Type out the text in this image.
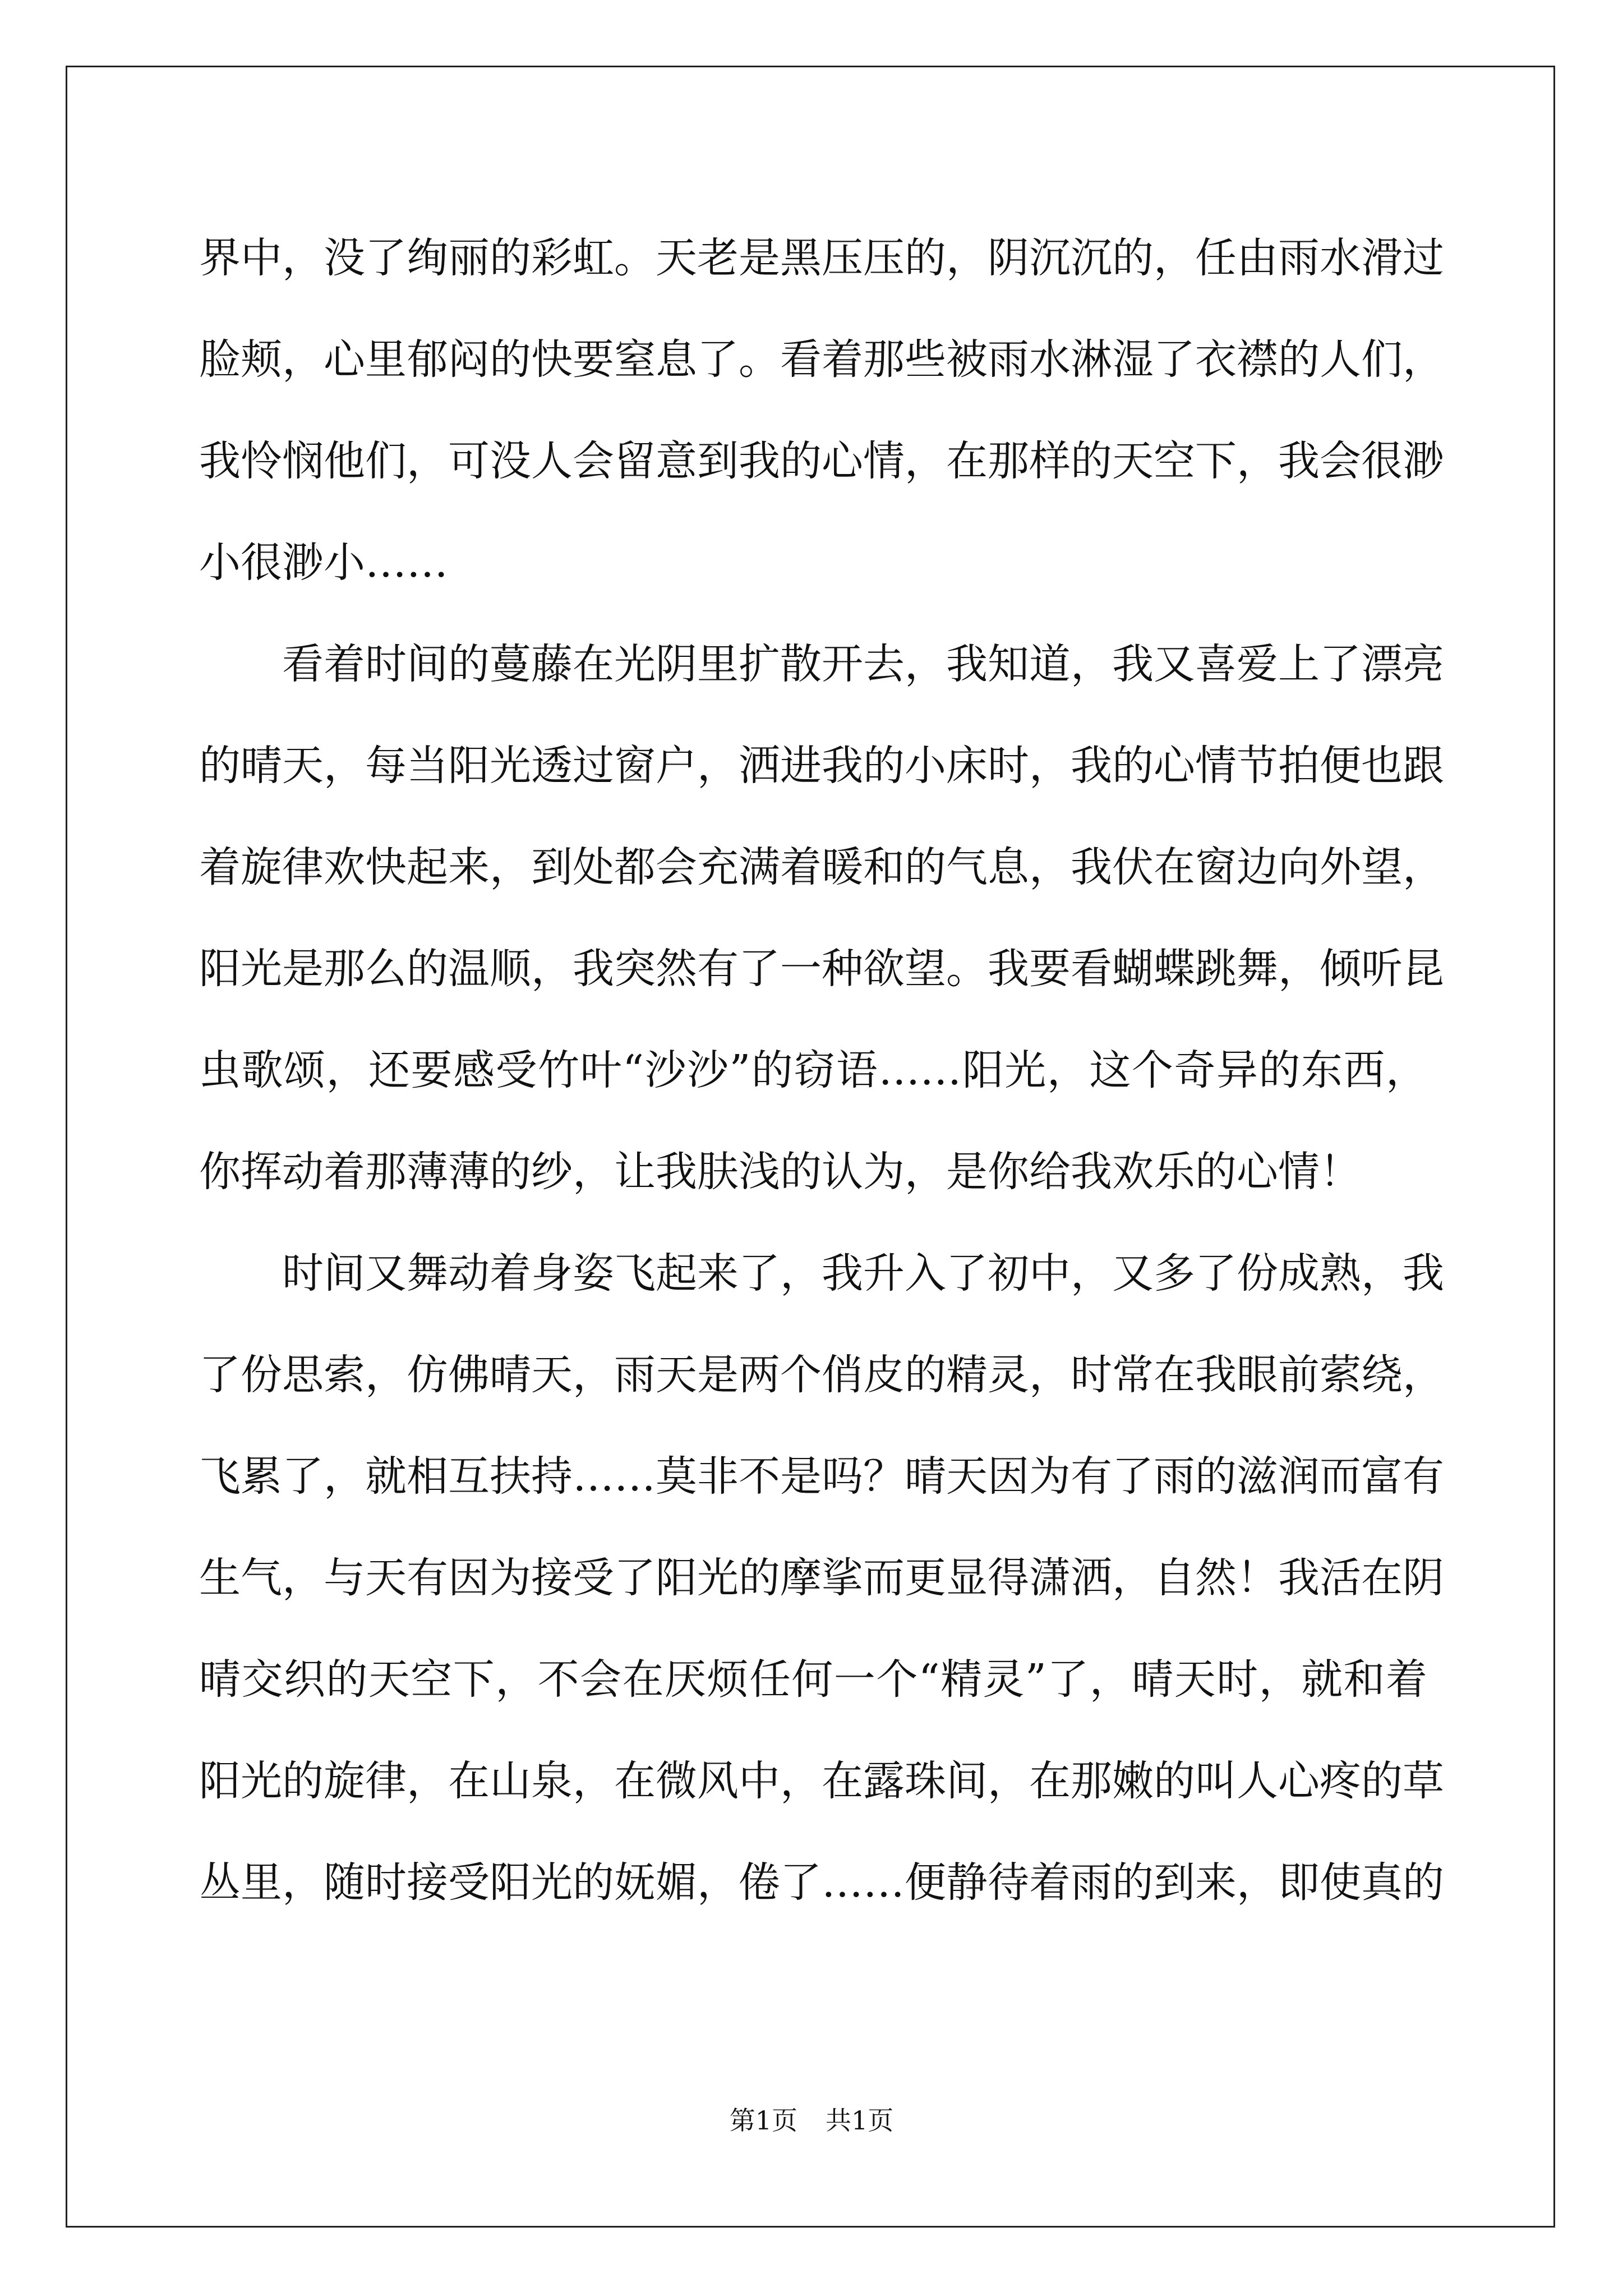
界中，没了绚丽的彩虹。天老是黑压压的，阴沉沉的，任由雨水滑过
脸颊，心里郁闷的快要窒息了。看着那些被雨水淋湿了衣襟的人们，
我怜悯他们，可没人会留意到我的心情，在那样的天空下，我会很渺
小很渺小……
看着时间的蔓藤在光阴里扩散开去，我知道，我又喜爱上了漂亮
的晴天，每当阳光透过窗户，洒进我的小床时，我的心情节拍便也跟
着旋律欢快起来，到处都会充满着暖和的气息，我伏在窗边向外望，
阳光是那么的温顺，我突然有了一种欲望。我要看蝴蝶跳舞，倾听昆
虫歌颂，还要感受竹叶“沙沙”的窃语……阳光，这个奇异的东西，
你挥动着那薄薄的纱，让我肤浅的认为，是你给我欢乐的心情！
时间又舞动着身姿飞起来了，我升入了初中，又多了份成熟，我
了份思索，仿佛晴天，雨天是两个俏皮的精灵，时常在我眼前萦绕，
飞累了，就相互扶持……莫非不是吗？晴天因为有了雨的滋润而富有
生气，与天有因为接受了阳光的摩挲而更显得潇洒，自然！我活在阴
晴交织的天空下，不会在厌烦任何一个“精灵”了，晴天时，就和着
阳光的旋律，在山泉，在微风中，在露珠间，在那嫩的叫人心疼的草
丛里，随时接受阳光的妩媚，倦了……便静待着雨的到来，即使真的
第1页 共1页
